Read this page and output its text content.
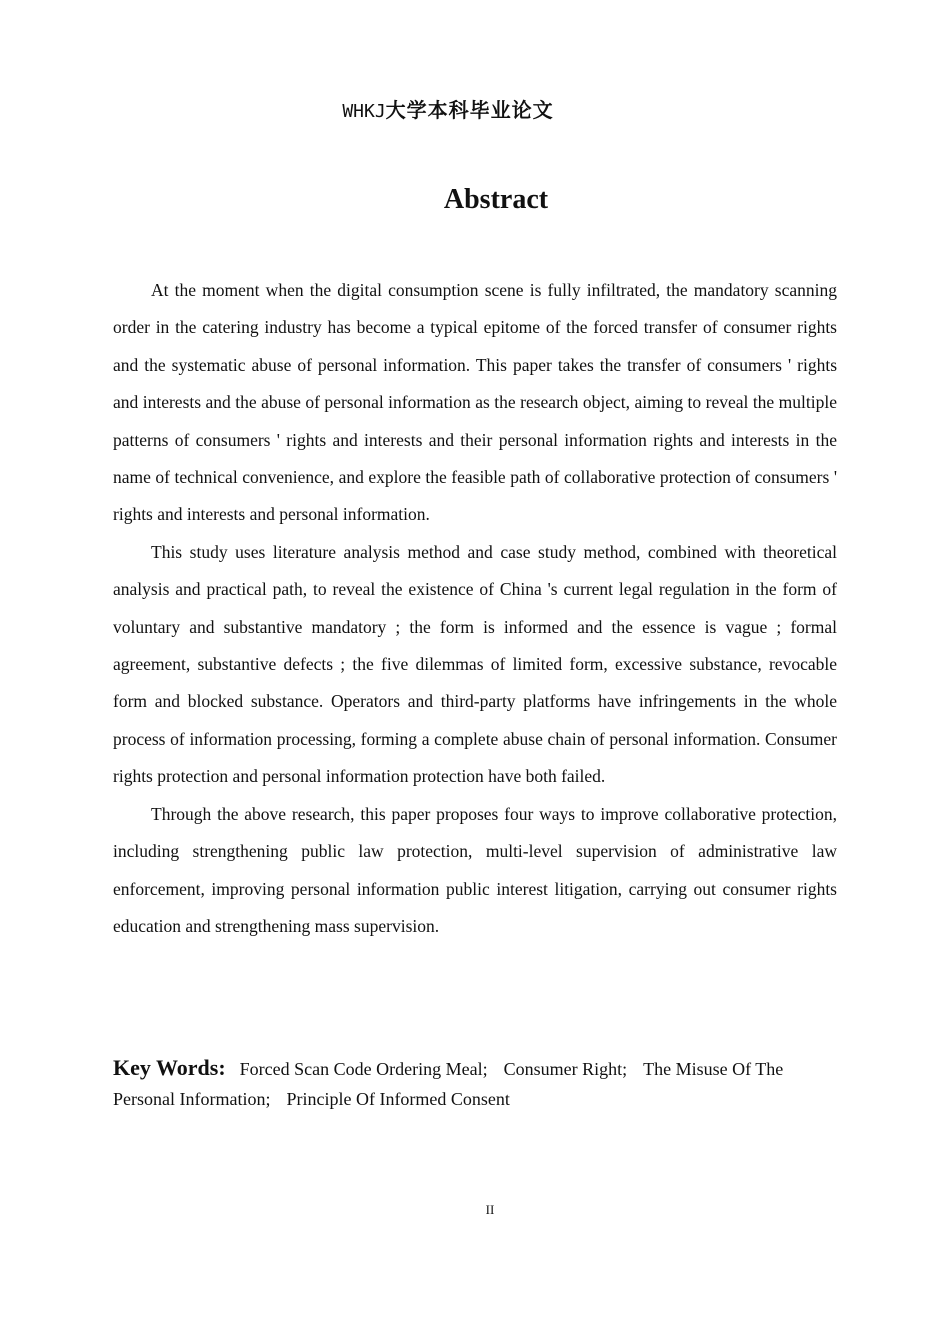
WHKJ大学本科毕业论文
Abstract

At the moment when the digital consumption scene is fully infiltrated, the mandatory scanning order in the catering industry has become a typical epitome of the forced transfer of consumer rights and the systematic abuse of personal information. This paper takes the transfer of consumers ' rights and interests and the abuse of personal information as the research object, aiming to reveal the multiple patterns of consumers ' rights and interests and their personal information rights and interests in the name of technical convenience, and explore the feasible path of collaborative protection of consumers ' rights and interests and personal information.

This study uses literature analysis method and case study method, combined with theoretical analysis and practical path, to reveal the existence of China 's current legal regulation in the form of voluntary and substantive mandatory ; the form is informed and the essence is vague ; formal agreement, substantive defects ; the five dilemmas of limited form, excessive substance, revocable form and blocked substance. Operators and third-party platforms have infringements in the whole process of information processing, forming a complete abuse chain of personal information. Consumer rights protection and personal information protection have both failed.

Through the above research, this paper proposes four ways to improve collaborative protection, including strengthening public law protection, multi-level supervision of administrative law enforcement, improving personal information public interest litigation, carrying out consumer rights education and strengthening mass supervision.

Key Words: Forced Scan Code Ordering Meal; Consumer Right; The Misuse Of The Personal Information; Principle Of Informed Consent
II
